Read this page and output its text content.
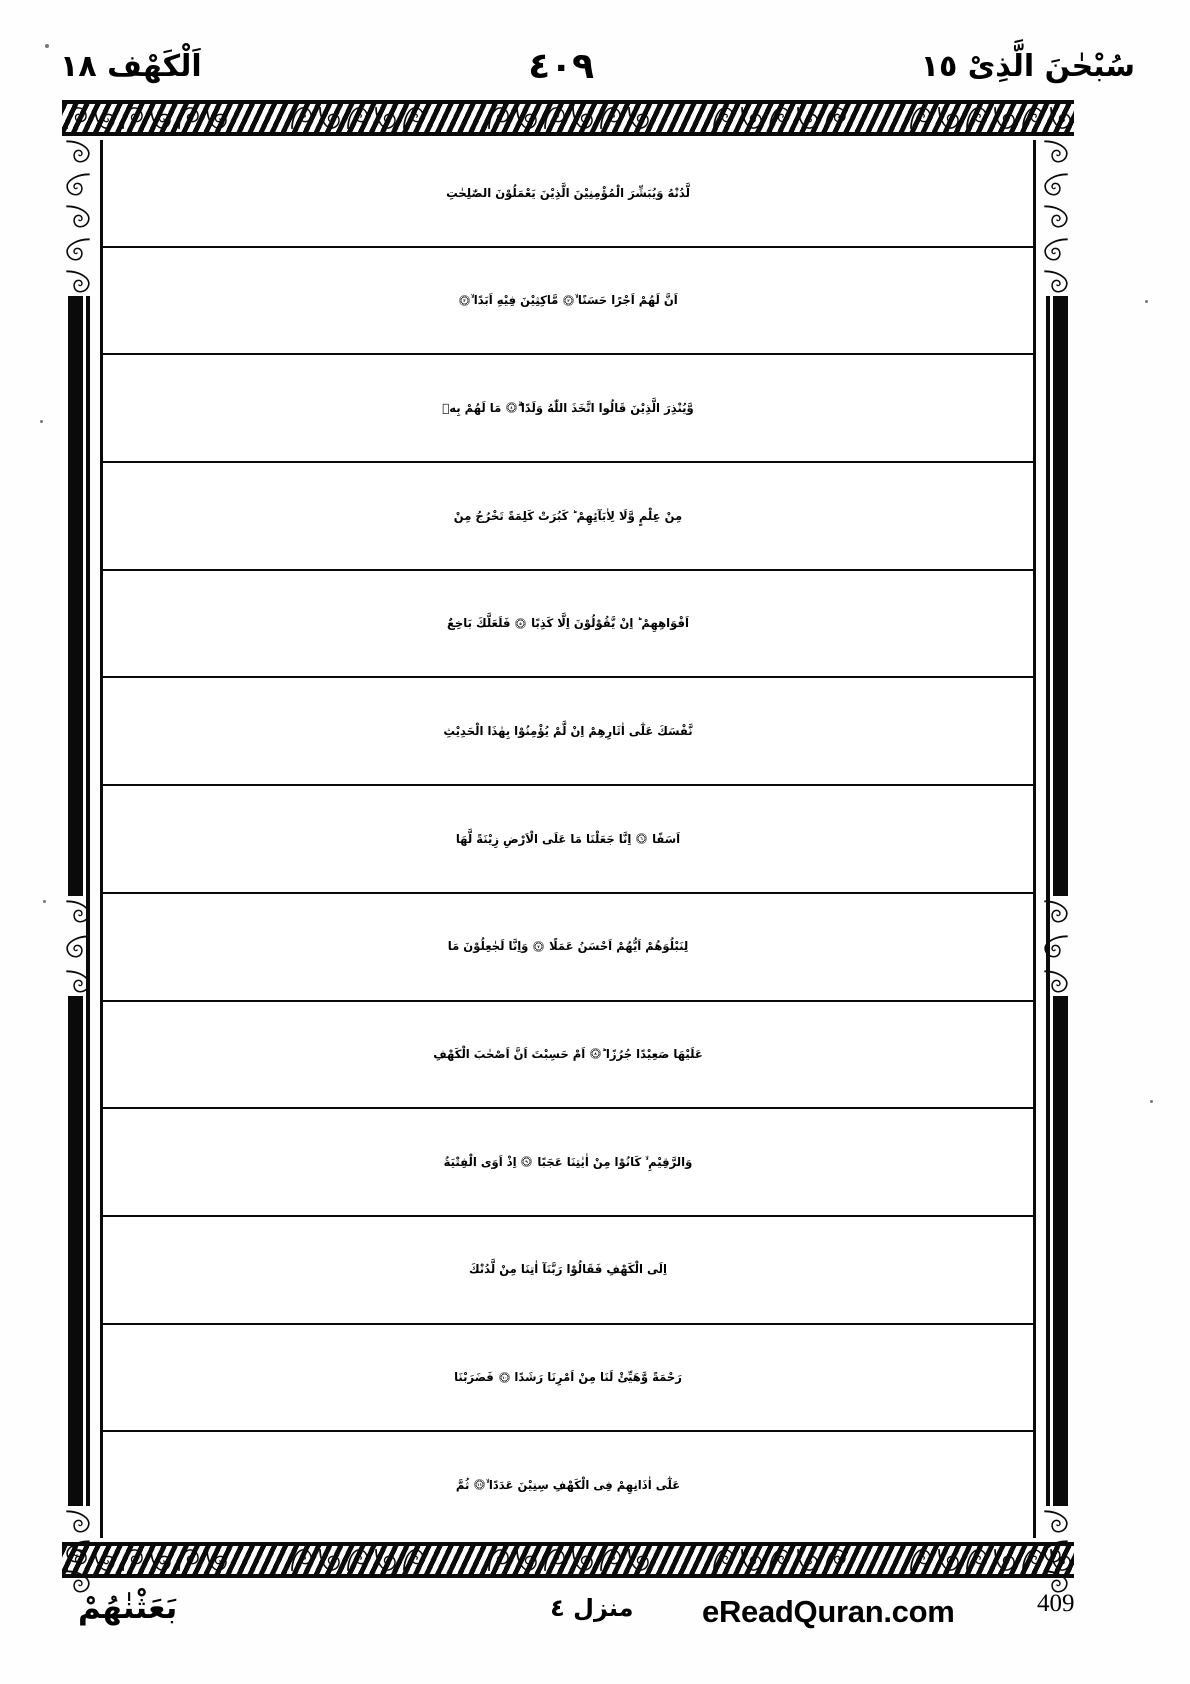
سُبْحٰنَ الَّذِیْ ١٥
٤٠٩
اَلْکَهْف ١٨
لَّدُنْهُ وَيُبَشِّرَ الْمُؤْمِنِيْنَ الَّذِيْنَ يَعْمَلُوْنَ الصّٰلِحٰتِ
اَنَّ لَهُمْ اَجْرًا حَسَنًا ۙ
٢
مَّاكِثِيْنَ فِيْهِ اَبَدًا ۙ
٣
وَّيُنْذِرَ الَّذِيْنَ قَالُوا اتَّخَذَ اللّٰهُ وَلَدًا ۗ
٤
مَا لَهُمْ بِهٖ
مِنْ عِلْمٍ وَّلَا لِاٰبَآئِهِمْ ؕ كَبُرَتْ كَلِمَةً تَخْرُجُ مِنْ
اَفْوَاهِهِمْ ؕ اِنْ يَّقُوْلُوْنَ اِلَّا كَذِبًا
٥
فَلَعَلَّكَ بَاخِعٌ
نَّفْسَكَ عَلٰٓى اٰثَارِهِمْ اِنْ لَّمْ يُؤْمِنُوْا بِهٰذَا الْحَدِيْثِ
اَسَفًا
٦
اِنَّا جَعَلْنَا مَا عَلَى الْاَرْضِ زِيْنَةً لَّهَا
لِنَبْلُوَهُمْ اَيُّهُمْ اَحْسَنُ عَمَلًا
٧
وَاِنَّا لَجٰعِلُوْنَ مَا
عَلَيْهَا صَعِيْدًا جُرُزًا ؕ
٨
اَمْ حَسِبْتَ اَنَّ اَصْحٰبَ الْكَهْفِ
وَالرَّقِيْمِ ۙ كَانُوْا مِنْ اٰيٰتِنَا عَجَبًا
٩
اِذْ اَوَى الْفِتْيَةُ
اِلَى الْكَهْفِ فَقَالُوْا رَبَّنَآ اٰتِنَا مِنْ لَّدُنْكَ
رَحْمَةً وَّهَيِّئْ لَنَا مِنْ اَمْرِنَا رَشَدًا
١٠
فَضَرَبْنَا
عَلٰٓى اٰذَانِهِمْ فِى الْكَهْفِ سِنِيْنَ عَدَدًا ۙ
١١
ثُمَّ
بَعَثْنٰهُمْ	منزل ٤ eReadQuran.com	409
